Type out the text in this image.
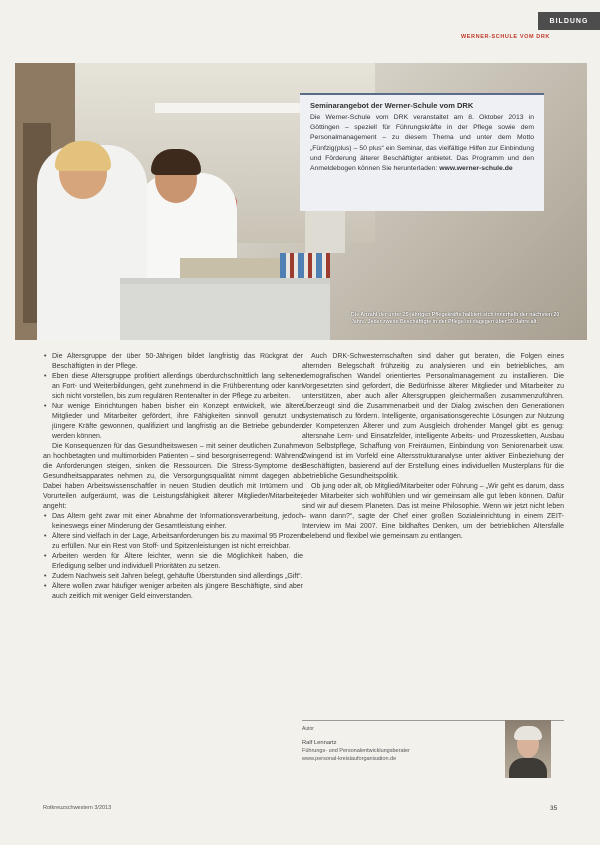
BILDUNG
WERNER-SCHULE VOM DRK
Seminarangebot der Werner-Schule vom DRK
Die Werner-Schule vom DRK veranstaltet am 8. Oktober 2013 in Göttingen – speziell für Führungskräfte in der Pflege sowie dem Personalmanagement – zu diesem Thema und unter dem Motto „Fünfzig(plus) – 50 plus“ ein Seminar, das vielfältige Hilfen zur Einbindung und Förderung älterer Beschäftigter anbietet. Das Programm und den Anmeldebogen können Sie herunterladen: www.werner-schule.de
Die Anzahl der unter 25-jährigen Pflegekräfte halbiert sich innerhalb der nächsten 20 Jahre. Jeder zweite Beschäftigte in der Pflege ist dagegen über 50 Jahre alt.
• Die Altersgruppe der über 50-Jährigen bildet langfristig das Rückgrat der Beschäftigten in der Pflege.
• Eben diese Altersgruppe profitiert allerdings überdurchschnittlich lang seltener an Fort- und Weiterbildungen, geht zunehmend in die Frühberentung oder kann sich nicht vorstellen, bis zum regulären Rentenalter in der Pflege zu arbeiten.
• Nur wenige Einrichtungen haben bisher ein Konzept entwickelt, wie ältere Mitglieder und Mitarbeiter gefördert, ihre Fähigkeiten sinnvoll genutzt und jüngere Kräfte gewonnen, qualifiziert und langfristig an die Betriebe gebunden werden können.

Die Konsequenzen für das Gesundheitswesen – mit seiner deutlichen Zunahme an hochbetagten und multimorbiden Patienten – sind besorgniserregend: Während die Anforderungen steigen, sinken die Ressourcen. Die Stress-Symptome des Gesundheitsapparates nehmen zu, die Versorgungsqualität nimmt dagegen ab. Dabei haben Arbeitswissenschaftler in neuen Studien deutlich mit Irrtümern und Vorurteilen aufgeräumt, was die Leistungsfähigkeit älterer Mitglieder/Mitarbeiter angeht:

• Das Altern geht zwar mit einer Abnahme der Informationsverarbeitung, jedoch keineswegs einer Minderung der Gesamtleistung einher.
• Ältere sind vielfach in der Lage, Arbeitsanforderungen bis zu maximal 95 Prozent zu erfüllen. Nur ein Rest von Stoff- und Spitzenleistungen ist nicht erreichbar.
• Arbeiten werden für Ältere leichter, wenn sie die Möglichkeit haben, die Erledigung selber und individuell Prioritäten zu setzen.
• Zudem Nachweis seit Jahren belegt, gehäufte Überstunden sind allerdings „Gift“.
• Ältere wollen zwar häufiger weniger arbeiten als jüngere Beschäftigte, sind aber auch zeitlich mit weniger Geld einverstanden.

Auch DRK-Schwesternschaften sind daher gut beraten, die Folgen eines alternden Belegschaft frühzeitig zu analysieren und ein betriebliches, am demografischen Wandel orientiertes Personalmanagement zu installieren. Die Vorgesetzten sind gefordert, die Bedürfnisse älterer Mitglieder und Mitarbeiter zu unterstützen, aber auch aller Altersgruppen gleichermaßen zusammenzuführen. Überzeugt sind die Zusammenarbeit und der Dialog zwischen den Generationen systematisch zu fördern. Intelligente, organisationsgerechte Lösungen zur Nutzung der Kompetenzen Älterer und zum Ausgleich drohender Mangel gibt es genug: altersnahe Lern- und Einsatzfelder, intelligente Arbeits- und Prozessketten, Ausbau von Selbstpflege, Schaffung von Freiräumen, Einbindung von Seniorenarbeit usw. Zwingend ist im Vorfeld eine Altersstrukturanalyse unter aktiver Einbeziehung der Beschäftigten, basierend auf der Erstellung eines individuellen Musterplans für die betriebliche Gesundheitspolitik.

Ob jung oder alt, ob Mitglied/Mitarbeiter oder Führung – „Wir geht es darum, dass jeder Mitarbeiter sich wohlfühlen und wir gemeinsam alle gut leben können. Dafür sind wir auf diesem Planeten. Das ist meine Philosophie. Wenn wir jetzt nicht leben – wann dann?“, sagte der Chef einer großen Sozialeinrichtung in einem ZEIT-Interview im Mai 2007. Eine bildhaftes Denken, um der betrieblichen Altersfalle belebend und flexibel wie gemeinsam zu entlangen.

Autor
Ralf Lennartz
Führungs- und Personalentwicklungsberater
www.personal-kreislauforganisation.de
Rotkreuzschwestern 3/2013	35
